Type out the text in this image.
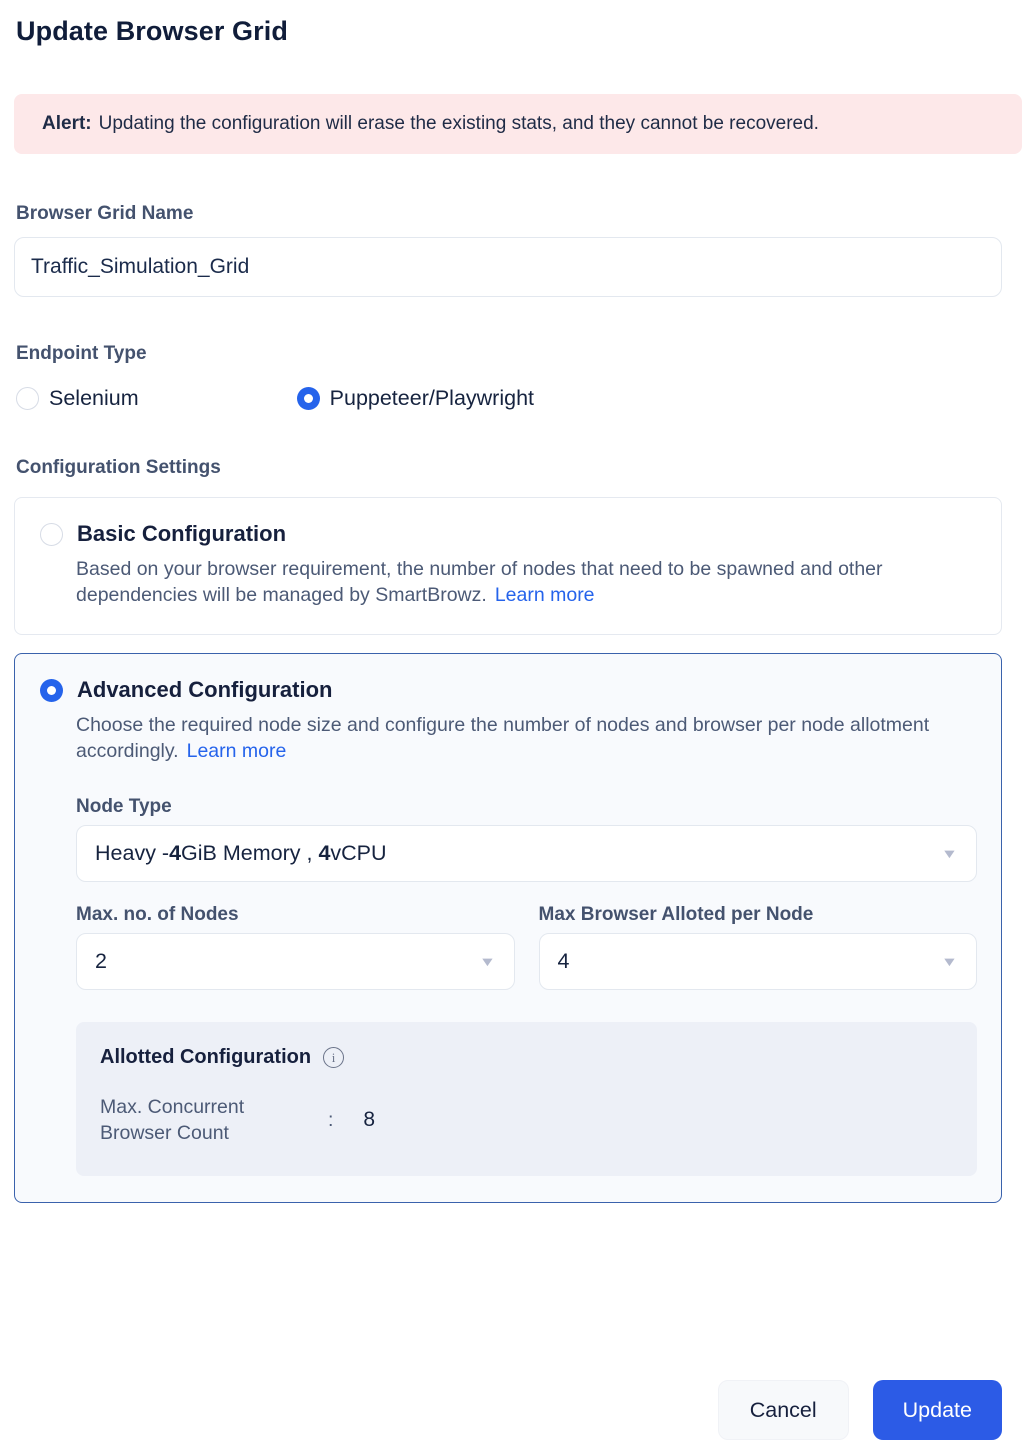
Update Browser Grid
Alert: Updating the configuration will erase the existing stats, and they cannot be recovered.
Browser Grid Name
Traffic_Simulation_Grid
Endpoint Type
Selenium	Puppeteer/Playwright
Configuration Settings
Basic Configuration
Based on your browser requirement, the number of nodes that need to be spawned and other dependencies will be managed by SmartBrowz. Learn more
Advanced Configuration
Choose the required node size and configure the number of nodes and browser per node allotment accordingly. Learn more
Node Type
Heavy -4GiB Memory , 4vCPU	▼
Max. no. of Nodes
2	▼
Max Browser Alloted per Node
4	▼
Allotted Configuration	i
Max. Concurrent Browser Count
: 8
Cancel	Update
